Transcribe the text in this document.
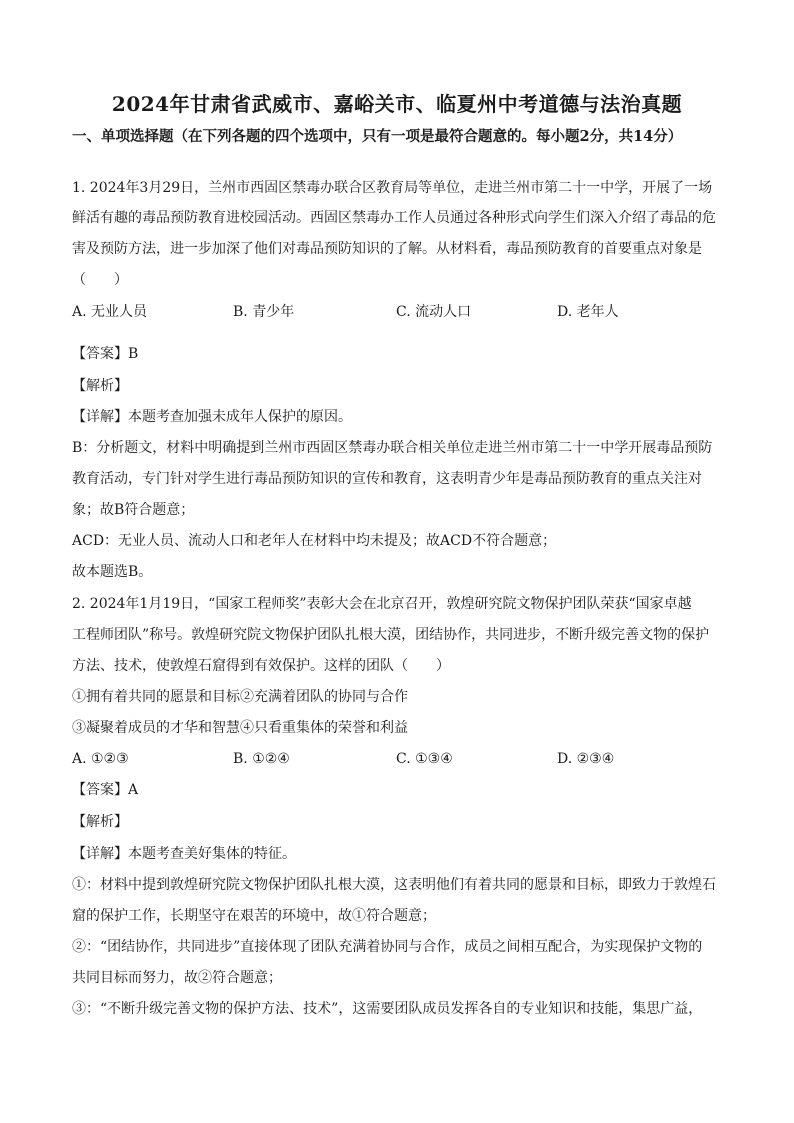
2024年甘肃省武威市、嘉峪关市、临夏州中考道德与法治真题
一、单项选择题（在下列各题的四个选项中，只有一项是最符合题意的。每小题2分，共14分）
1. 2024年3月29日，兰州市西固区禁毒办联合区教育局等单位，走进兰州市第二十一中学，开展了一场
鲜活有趣的毒品预防教育进校园活动。西固区禁毒办工作人员通过各种形式向学生们深入介绍了毒品的危
害及预防方法，进一步加深了他们对毒品预防知识的了解。从材料看，毒品预防教育的首要重点对象是
（　　）
A. 无业人员	B. 青少年	C. 流动人口	D. 老年人
【答案】B
【解析】
【详解】本题考查加强未成年人保护的原因。
B：分析题文，材料中明确提到兰州市西固区禁毒办联合相关单位走进兰州市第二十一中学开展毒品预防
教育活动，专门针对学生进行毒品预防知识的宣传和教育，这表明青少年是毒品预防教育的重点关注对
象；故B符合题意；
ACD：无业人员、流动人口和老年人在材料中均未提及；故ACD不符合题意；
故本题选B。
2. 2024年1月19日，“国家工程师奖”表彰大会在北京召开，敦煌研究院文物保护团队荣获“国家卓越
工程师团队”称号。敦煌研究院文物保护团队扎根大漠，团结协作，共同进步，不断升级完善文物的保护
方法、技术，使敦煌石窟得到有效保护。这样的团队（　　）
①拥有着共同的愿景和目标②充满着团队的协同与合作
③凝聚着成员的才华和智慧④只看重集体的荣誉和利益
A. ①②③	B. ①②④	C. ①③④	D. ②③④
【答案】A
【解析】
【详解】本题考查美好集体的特征。
①：材料中提到敦煌研究院文物保护团队扎根大漠，这表明他们有着共同的愿景和目标，即致力于敦煌石
窟的保护工作，长期坚守在艰苦的环境中，故①符合题意；
②：“团结协作，共同进步”直接体现了团队充满着协同与合作，成员之间相互配合，为实现保护文物的
共同目标而努力，故②符合题意；
③：“不断升级完善文物的保护方法、技术”，这需要团队成员发挥各自的专业知识和技能，集思广益，
